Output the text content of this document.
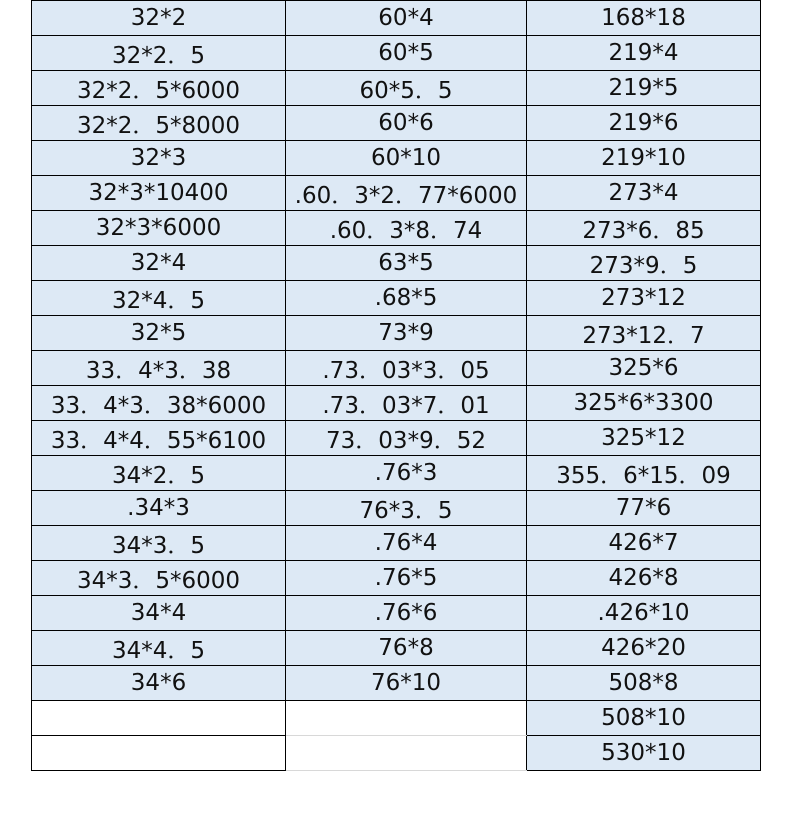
32*2	60*4	168*18
32*2．5	60*5	219*4
32*2．5*6000	60*5．5	219*5
32*2．5*8000	60*6	219*6
32*3	60*10	219*10
32*3*10400	.60．3*2．77*6000	273*4
32*3*6000	.60．3*8．74	273*6．85
32*4	63*5	273*9．5
32*4．5	.68*5	273*12
32*5	73*9	273*12．7
33．4*3．38	.73．03*3．05	325*6
33．4*3．38*6000	.73．03*7．01	325*6*3300
33．4*4．55*6100	73．03*9．52	325*12
34*2．5	.76*3	355．6*15．09
.34*3	76*3．5	77*6
34*3．5	.76*4	426*7
34*3．5*6000	.76*5	426*8
34*4	.76*6	.426*10
34*4．5	76*8	426*20
34*6	76*10	508*8
		508*10
		530*10
